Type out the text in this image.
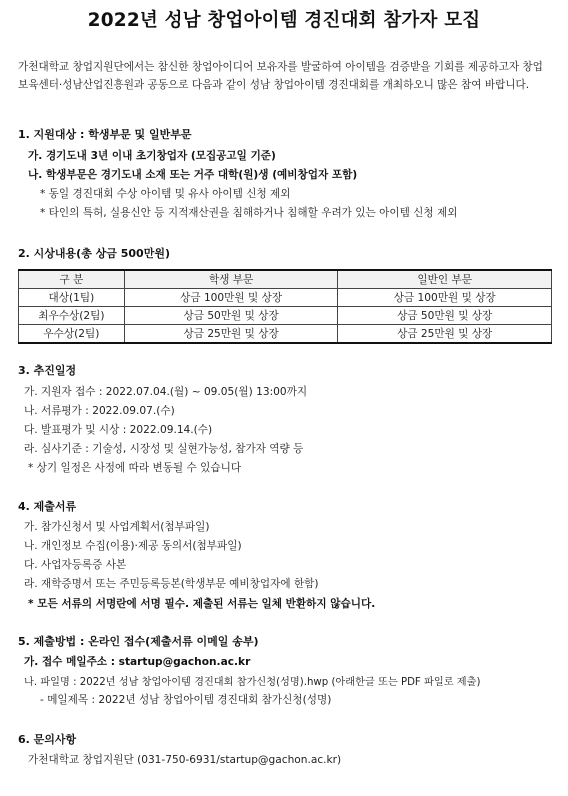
2022년 성남 창업아이템 경진대회 참가자 모집

가천대학교 창업지원단에서는 참신한 창업아이디어 보유자를 발굴하여 아이템을 검증받을 기회를 제공하고자 창업보육센터·성남산업진흥원과 공동으로 다음과 같이 성남 창업아이템 경진대회를 개최하오니 많은 참여 바랍니다.

1. 지원대상 : 학생부문 및 일반부문

가. 경기도내 3년 이내 초기창업자 (모집공고일 기준)

나. 학생부문은 경기도내 소재 또는 거주 대학(원)생 (예비창업자 포함)

* 동일 경진대회 수상 아이템 및 유사 아이템 신청 제외

* 타인의 특허, 실용신안 등 지적재산권을 침해하거나 침해할 우려가 있는 아이템 신청 제외

2. 시상내용(총 상금 500만원)

구 분	학생 부문	일반인 부문
대상(1팀)	상금 100만원 및 상장	상금 100만원 및 상장
최우수상(2팀)	상금 50만원 및 상장	상금 50만원 및 상장
우수상(2팀)	상금 25만원 및 상장	상금 25만원 및 상장

3. 추진일정

가. 지원자 접수 : 2022.07.04.(월) ~ 09.05(월) 13:00까지

나. 서류평가 : 2022.09.07.(수)

다. 발표평가 및 시상 : 2022.09.14.(수)

라. 심사기준 : 기술성, 시장성 및 실현가능성, 참가자 역량 등

* 상기 일정은 사정에 따라 변동될 수 있습니다

4. 제출서류

가. 참가신청서 및 사업계획서(첨부파일)

나. 개인정보 수집(이용)·제공 동의서(첨부파일)

다. 사업자등록증 사본

라. 재학증명서 또는 주민등록등본(학생부문 예비창업자에 한함)

* 모든 서류의 서명란에 서명 필수. 제출된 서류는 일체 반환하지 않습니다.

5. 제출방법 : 온라인 접수(제출서류 이메일 송부)

가. 접수 메일주소 : startup@gachon.ac.kr

나. 파일명 : 2022년 성남 창업아이템 경진대회 참가신청(성명).hwp (아래한글 또는 PDF 파일로 제출)

- 메일제목 : 2022년 성남 창업아이템 경진대회 참가신청(성명)

6. 문의사항

가천대학교 창업지원단 (031-750-6931/startup@gachon.ac.kr)
